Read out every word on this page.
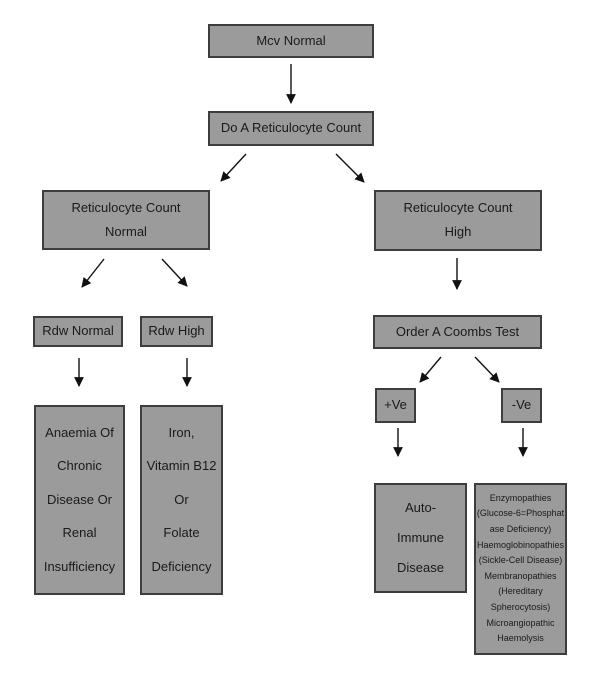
Mcv Normal
Do A Reticulocyte Count
Reticulocyte Count
Normal
Reticulocyte Count
High
Rdw Normal	Rdw High	Order A Coombs Test
+Ve	-Ve
Anaemia Of
Chronic
Disease Or
Renal
Insufficiency
Iron,
Vitamin B12
Or
Folate
Deficiency
Auto-
Immune
Disease
Enzymopathies
(Glucose-6=Phosphat
ase Deficiency)
Haemoglobinopathies
(Sickle-Cell Disease)
Membranopathies
(Hereditary
Spherocytosis)
Microangiopathic
Haemolysis
